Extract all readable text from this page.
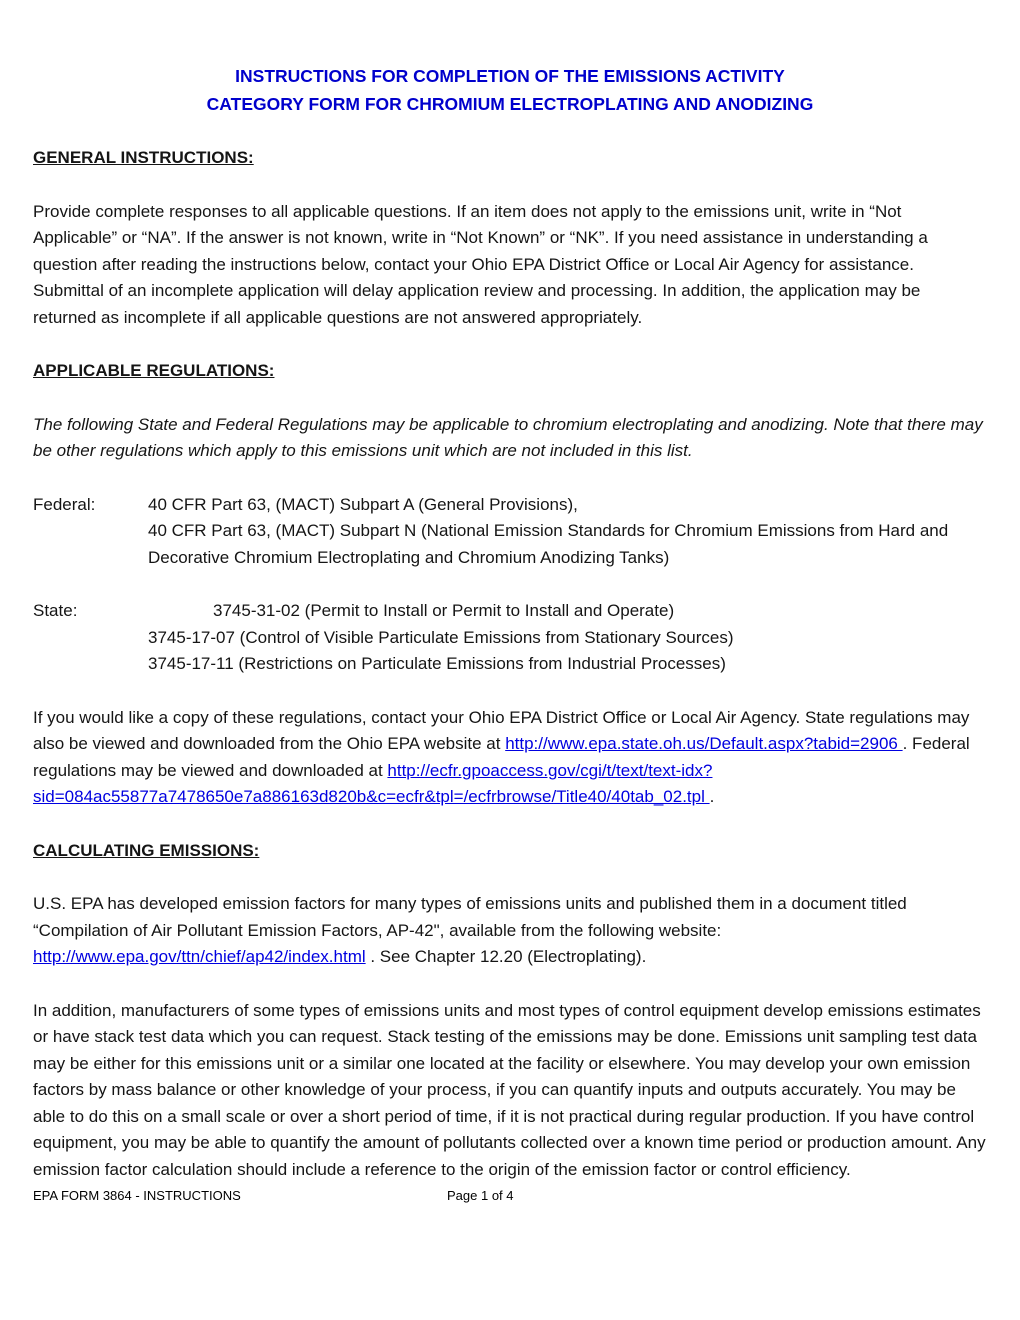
INSTRUCTIONS FOR COMPLETION OF THE EMISSIONS ACTIVITY
CATEGORY FORM FOR CHROMIUM ELECTROPLATING AND ANODIZING
GENERAL INSTRUCTIONS:
Provide complete responses to all applicable questions. If an item does not apply to the emissions unit, write in “Not Applicable” or “NA”. If the answer is not known, write in “Not Known” or “NK”. If you need assistance in understanding a question after reading the instructions below, contact your Ohio EPA District Office or Local Air Agency for assistance. Submittal of an incomplete application will delay application review and processing. In addition, the application may be returned as incomplete if all applicable questions are not answered appropriately.
APPLICABLE REGULATIONS:
The following State and Federal Regulations may be applicable to chromium electroplating and anodizing. Note that there may be other regulations which apply to this emissions unit which are not included in this list.
Federal:	40 CFR Part 63, (MACT) Subpart A (General Provisions),
40 CFR Part 63, (MACT) Subpart N (National Emission Standards for Chromium Emissions from Hard and Decorative Chromium Electroplating and Chromium Anodizing Tanks)
State:	3745-31-02 (Permit to Install or Permit to Install and Operate)
3745-17-07 (Control of Visible Particulate Emissions from Stationary Sources)
3745-17-11 (Restrictions on Particulate Emissions from Industrial Processes)
If you would like a copy of these regulations, contact your Ohio EPA District Office or Local Air Agency. State regulations may also be viewed and downloaded from the Ohio EPA website at http://www.epa.state.oh.us/Default.aspx?tabid=2906 . Federal regulations may be viewed and downloaded at http://ecfr.gpoaccess.gov/cgi/t/text/text-idx?sid=084ac55877a7478650e7a886163d820b&c=ecfr&tpl=/ecfrbrowse/Title40/40tab_02.tpl .
CALCULATING EMISSIONS:
U.S. EPA has developed emission factors for many types of emissions units and published them in a document titled “Compilation of Air Pollutant Emission Factors, AP-42", available from the following website: http://www.epa.gov/ttn/chief/ap42/index.html . See Chapter 12.20 (Electroplating).
In addition, manufacturers of some types of emissions units and most types of control equipment develop emissions estimates or have stack test data which you can request. Stack testing of the emissions may be done. Emissions unit sampling test data may be either for this emissions unit or a similar one located at the facility or elsewhere. You may develop your own emission factors by mass balance or other knowledge of your process, if you can quantify inputs and outputs accurately. You may be able to do this on a small scale or over a short period of time, if it is not practical during regular production. If you have control equipment, you may be able to quantify the amount of pollutants collected over a known time period or production amount. Any emission factor calculation should include a reference to the origin of the emission factor or control efficiency.
EPA FORM 3864 - INSTRUCTIONS	Page 1 of 4
